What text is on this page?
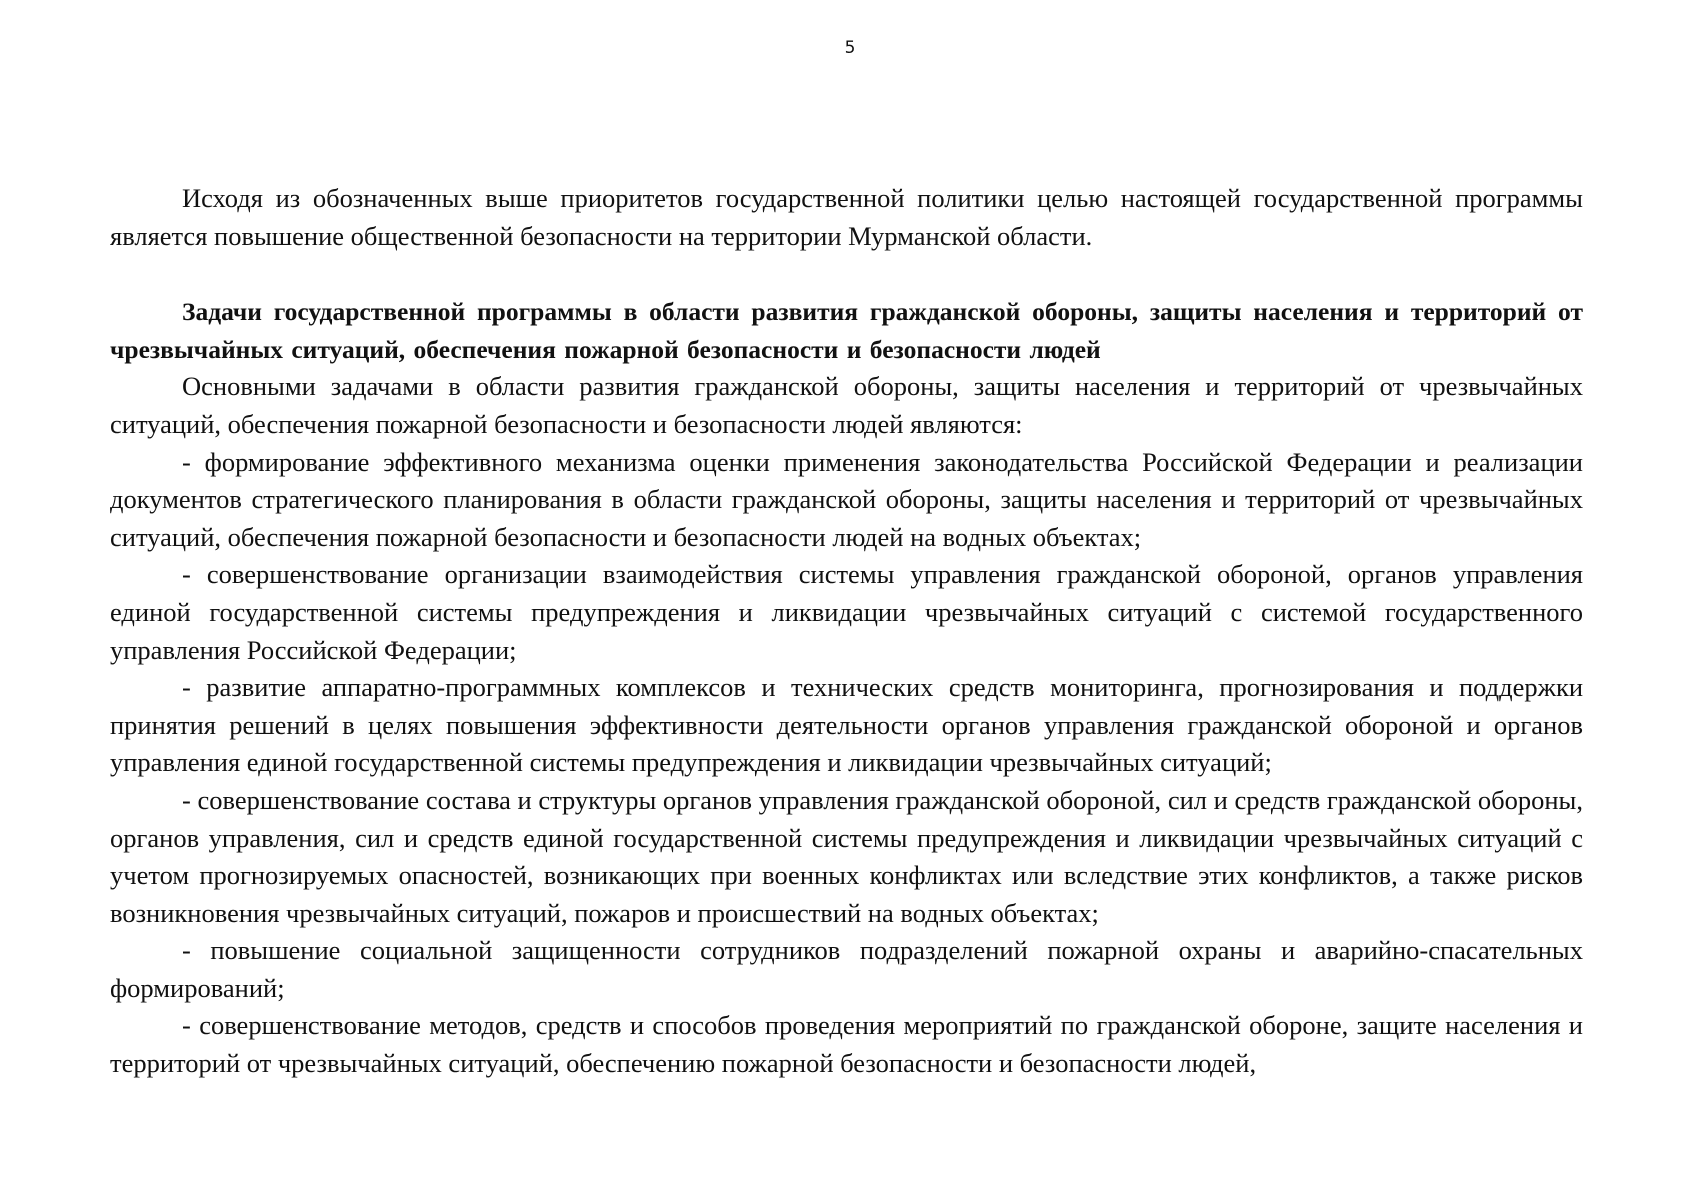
5

Исходя из обозначенных выше приоритетов государственной политики целью настоящей государственной программы является повышение общественной безопасности на территории Мурманской области.

Задачи государственной программы в области развития гражданской обороны, защиты населения и территорий от чрезвычайных ситуаций, обеспечения пожарной безопасности и безопасности людей

Основными задачами в области развития гражданской обороны, защиты населения и территорий от чрезвычайных ситуаций, обеспечения пожарной безопасности и безопасности людей являются:

- формирование эффективного механизма оценки применения законодательства Российской Федерации и реализации документов стратегического планирования в области гражданской обороны, защиты населения и территорий от чрезвычайных ситуаций, обеспечения пожарной безопасности и безопасности людей на водных объектах;

- совершенствование организации взаимодействия системы управления гражданской обороной, органов управления единой государственной системы предупреждения и ликвидации чрезвычайных ситуаций с системой государственного управления Российской Федерации;

- развитие аппаратно-программных комплексов и технических средств мониторинга, прогнозирования и поддержки принятия решений в целях повышения эффективности деятельности органов управления гражданской обороной и органов управления единой государственной системы предупреждения и ликвидации чрезвычайных ситуаций;

- совершенствование состава и структуры органов управления гражданской обороной, сил и средств гражданской обороны, органов управления, сил и средств единой государственной системы предупреждения и ликвидации чрезвычайных ситуаций с учетом прогнозируемых опасностей, возникающих при военных конфликтах или вследствие этих конфликтов, а также рисков возникновения чрезвычайных ситуаций, пожаров и происшествий на водных объектах;

- повышение социальной защищенности сотрудников подразделений пожарной охраны и аварийно-спасательных формирований;

- совершенствование методов, средств и способов проведения мероприятий по гражданской обороне, защите населения и территорий от чрезвычайных ситуаций, обеспечению пожарной безопасности и безопасности людей,
